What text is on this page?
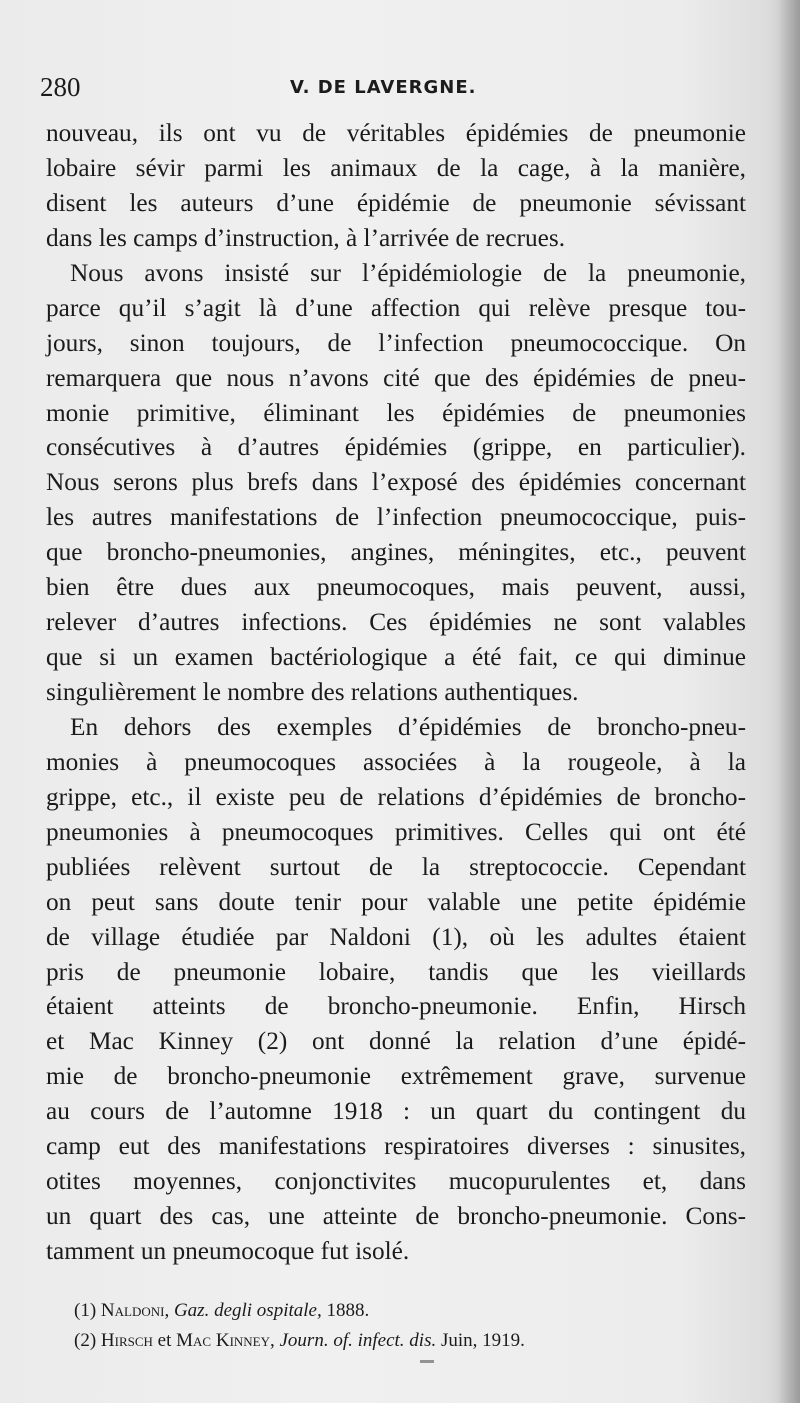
280	V. DE LAVERGNE.
nouveau, ils ont vu de véritables épidémies de pneumonie
lobaire sévir parmi les animaux de la cage, à la manière,
disent les auteurs d’une épidémie de pneumonie sévissant
dans les camps d’instruction, à l’arrivée de recrues.
Nous avons insisté sur l’épidémiologie de la pneumonie,
parce qu’il s’agit là d’une affection qui relève presque tou-
jours, sinon toujours, de l’infection pneumococcique. On
remarquera que nous n’avons cité que des épidémies de pneu-
monie primitive, éliminant les épidémies de pneumonies
consécutives à d’autres épidémies (grippe, en particulier).
Nous serons plus brefs dans l’exposé des épidémies concernant
les autres manifestations de l’infection pneumococcique, puis-
que broncho-pneumonies, angines, méningites, etc., peuvent
bien être dues aux pneumocoques, mais peuvent, aussi,
relever d’autres infections. Ces épidémies ne sont valables
que si un examen bactériologique a été fait, ce qui diminue
singulièrement le nombre des relations authentiques.
En dehors des exemples d’épidémies de broncho-pneu-
monies à pneumocoques associées à la rougeole, à la
grippe, etc., il existe peu de relations d’épidémies de broncho-
pneumonies à pneumocoques primitives. Celles qui ont été
publiées relèvent surtout de la streptococcie. Cependant
on peut sans doute tenir pour valable une petite épidémie
de village étudiée par Naldoni (1), où les adultes étaient
pris de pneumonie lobaire, tandis que les vieillards
étaient atteints de broncho-pneumonie. Enfin, Hirsch
et Mac Kinney (2) ont donné la relation d’une épidé-
mie de broncho-pneumonie extrêmement grave, survenue
au cours de l’automne 1918 : un quart du contingent du
camp eut des manifestations respiratoires diverses : sinusites,
otites moyennes, conjonctivites mucopurulentes et, dans
un quart des cas, une atteinte de broncho-pneumonie. Cons-
tamment un pneumocoque fut isolé.
(1) Naldoni, Gaz. degli ospitale, 1888.
(2) Hirsch et Mac Kinney, Journ. of. infect. dis. Juin, 1919.
